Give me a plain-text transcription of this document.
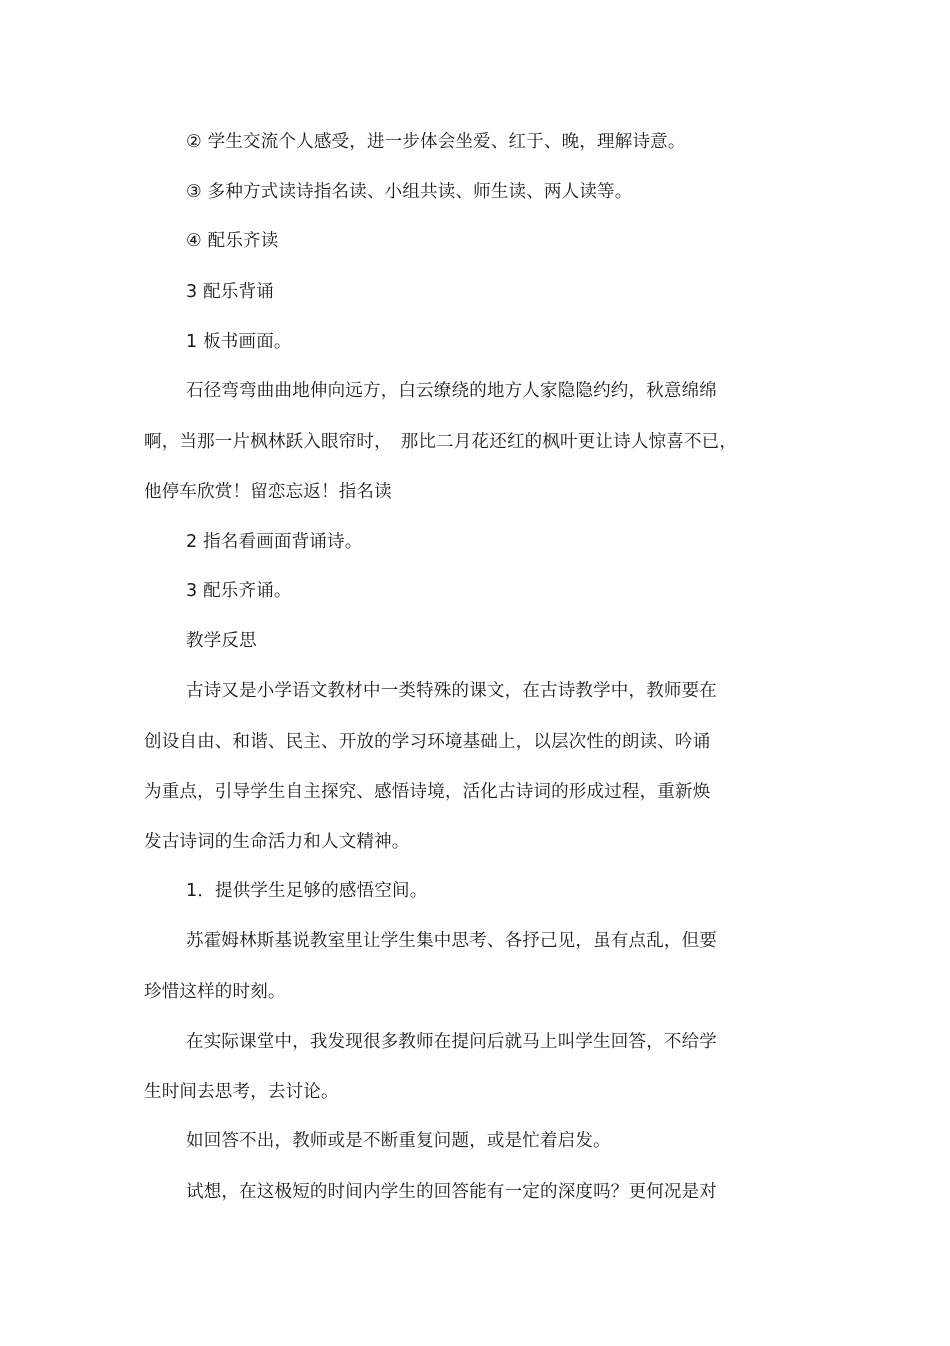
② 学生交流个人感受，进一步体会坐爱、红于、晚，理解诗意。
③ 多种方式读诗指名读、小组共读、师生读、两人读等。
④ 配乐齐读
3 配乐背诵
1 板书画面。
石径弯弯曲曲地伸向远方，白云缭绕的地方人家隐隐约约，秋意绵绵
啊，当那一片枫林跃入眼帘时，　那比二月花还红的枫叶更让诗人惊喜不已，
他停车欣赏！留恋忘返！指名读
2 指名看画面背诵诗。
3 配乐齐诵。
教学反思
古诗又是小学语文教材中一类特殊的课文，在古诗教学中，教师要在
创设自由、和谐、民主、开放的学习环境基础上，以层次性的朗读、吟诵
为重点，引导学生自主探究、感悟诗境，活化古诗词的形成过程，重新焕
发古诗词的生命活力和人文精神。
1．提供学生足够的感悟空间。
苏霍姆林斯基说教室里让学生集中思考、各抒己见，虽有点乱，但要
珍惜这样的时刻。
在实际课堂中，我发现很多教师在提问后就马上叫学生回答，不给学
生时间去思考，去讨论。
如回答不出，教师或是不断重复问题，或是忙着启发。
试想，在这极短的时间内学生的回答能有一定的深度吗？更何况是对
